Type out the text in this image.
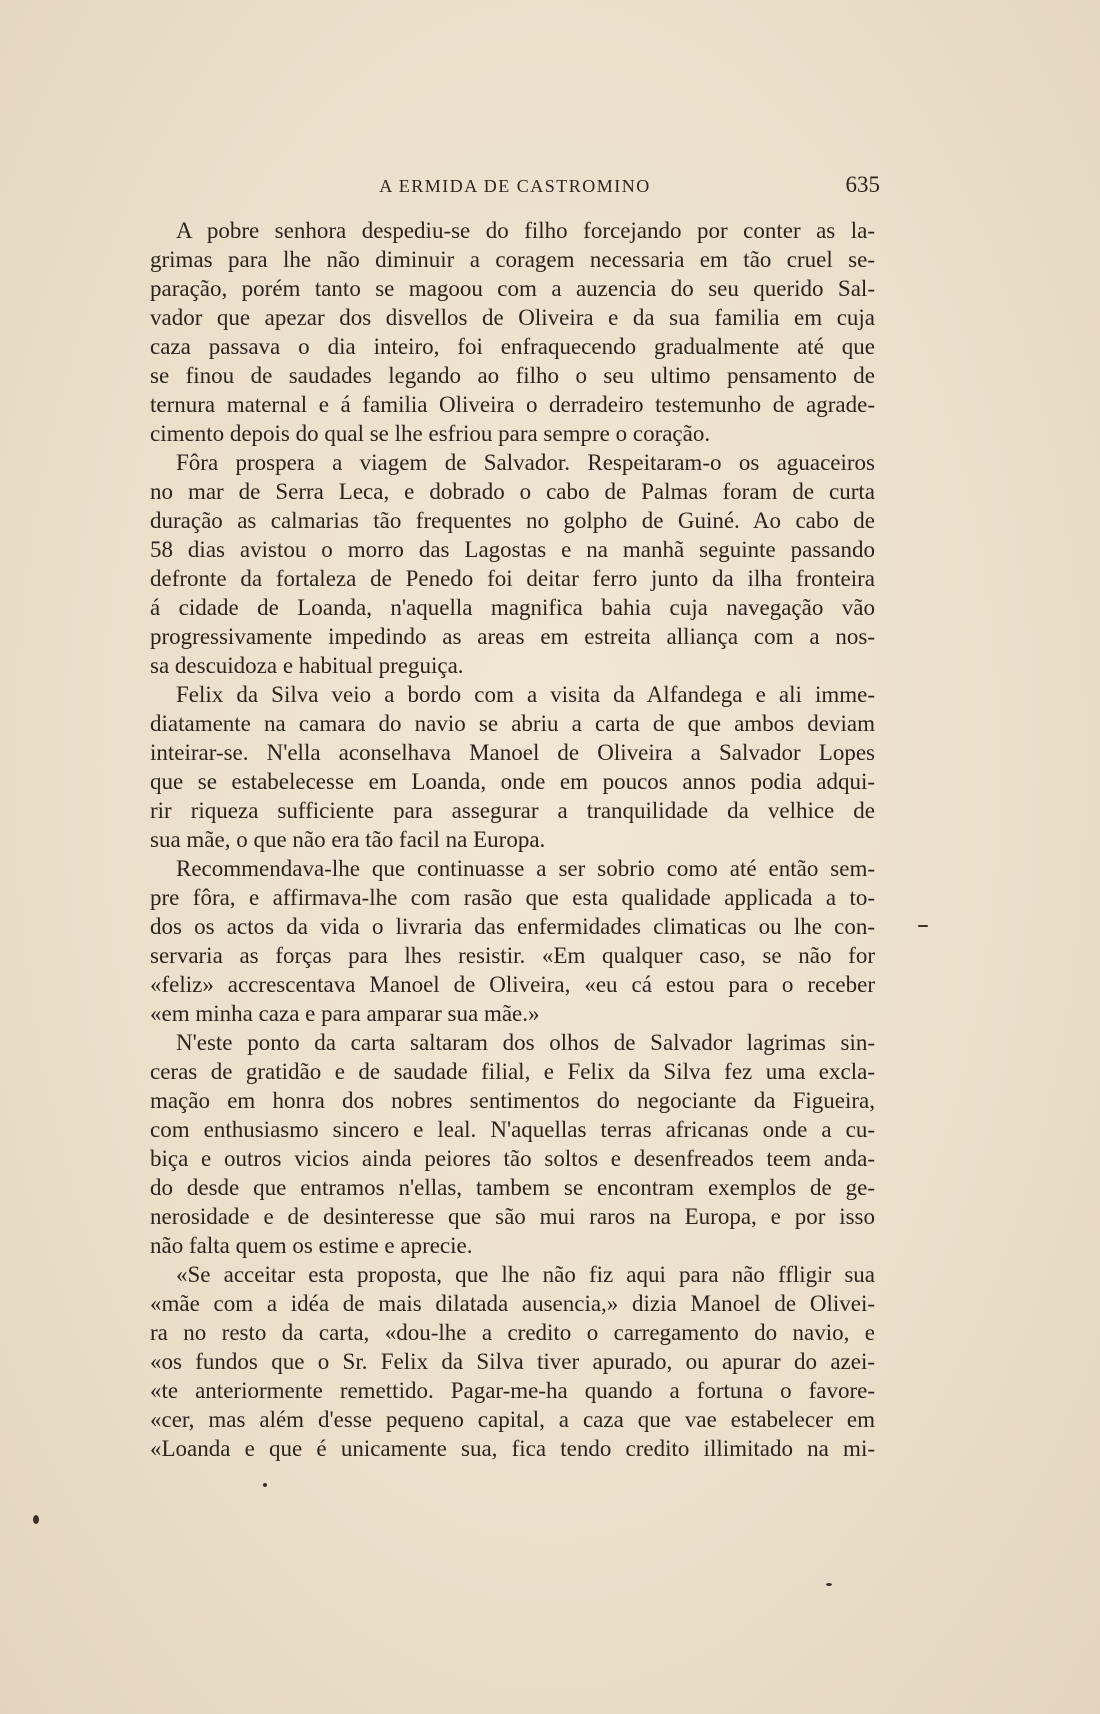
A ERMIDA DE CASTROMINO	635
A pobre senhora despediu-se do filho forcejando por conter as la-
grimas para lhe não diminuir a coragem necessaria em tão cruel se-
paração, porém tanto se magoou com a auzencia do seu querido Sal-
vador que apezar dos disvellos de Oliveira e da sua familia em cuja
caza passava o dia inteiro, foi enfraquecendo gradualmente até que
se finou de saudades legando ao filho o seu ultimo pensamento de
ternura maternal e á familia Oliveira o derradeiro testemunho de agrade-
cimento depois do qual se lhe esfriou para sempre o coração.
Fôra prospera a viagem de Salvador. Respeitaram-o os aguaceiros
no mar de Serra Leca, e dobrado o cabo de Palmas foram de curta
duração as calmarias tão frequentes no golpho de Guiné. Ao cabo de
58 dias avistou o morro das Lagostas e na manhã seguinte passando
defronte da fortaleza de Penedo foi deitar ferro junto da ilha fronteira
á cidade de Loanda, n'aquella magnifica bahia cuja navegação vão
progressivamente impedindo as areas em estreita alliança com a nos-
sa descuidoza e habitual preguiça.
Felix da Silva veio a bordo com a visita da Alfandega e ali imme-
diatamente na camara do navio se abriu a carta de que ambos deviam
inteirar-se. N'ella aconselhava Manoel de Oliveira a Salvador Lopes
que se estabelecesse em Loanda, onde em poucos annos podia adqui-
rir riqueza sufficiente para assegurar a tranquilidade da velhice de
sua mãe, o que não era tão facil na Europa.
Recommendava-lhe que continuasse a ser sobrio como até então sem-
pre fôra, e affirmava-lhe com rasão que esta qualidade applicada a to-
dos os actos da vida o livraria das enfermidades climaticas ou lhe con-
servaria as forças para lhes resistir. «Em qualquer caso, se não for
«feliz» accrescentava Manoel de Oliveira, «eu cá estou para o receber
«em minha caza e para amparar sua mãe.»
N'este ponto da carta saltaram dos olhos de Salvador lagrimas sin-
ceras de gratidão e de saudade filial, e Felix da Silva fez uma excla-
mação em honra dos nobres sentimentos do negociante da Figueira,
com enthusiasmo sincero e leal. N'aquellas terras africanas onde a cu-
biça e outros vicios ainda peiores tão soltos e desenfreados teem anda-
do desde que entramos n'ellas, tambem se encontram exemplos de ge-
nerosidade e de desinteresse que são mui raros na Europa, e por isso
não falta quem os estime e aprecie.
«Se acceitar esta proposta, que lhe não fiz aqui para não ffligir sua
«mãe com a idéa de mais dilatada ausencia,» dizia Manoel de Olivei-
ra no resto da carta, «dou-lhe a credito o carregamento do navio, e
«os fundos que o Sr. Felix da Silva tiver apurado, ou apurar do azei-
«te anteriormente remettido. Pagar-me-ha quando a fortuna o favore-
«cer, mas além d'esse pequeno capital, a caza que vae estabelecer em
«Loanda e que é unicamente sua, fica tendo credito illimitado na mi-
